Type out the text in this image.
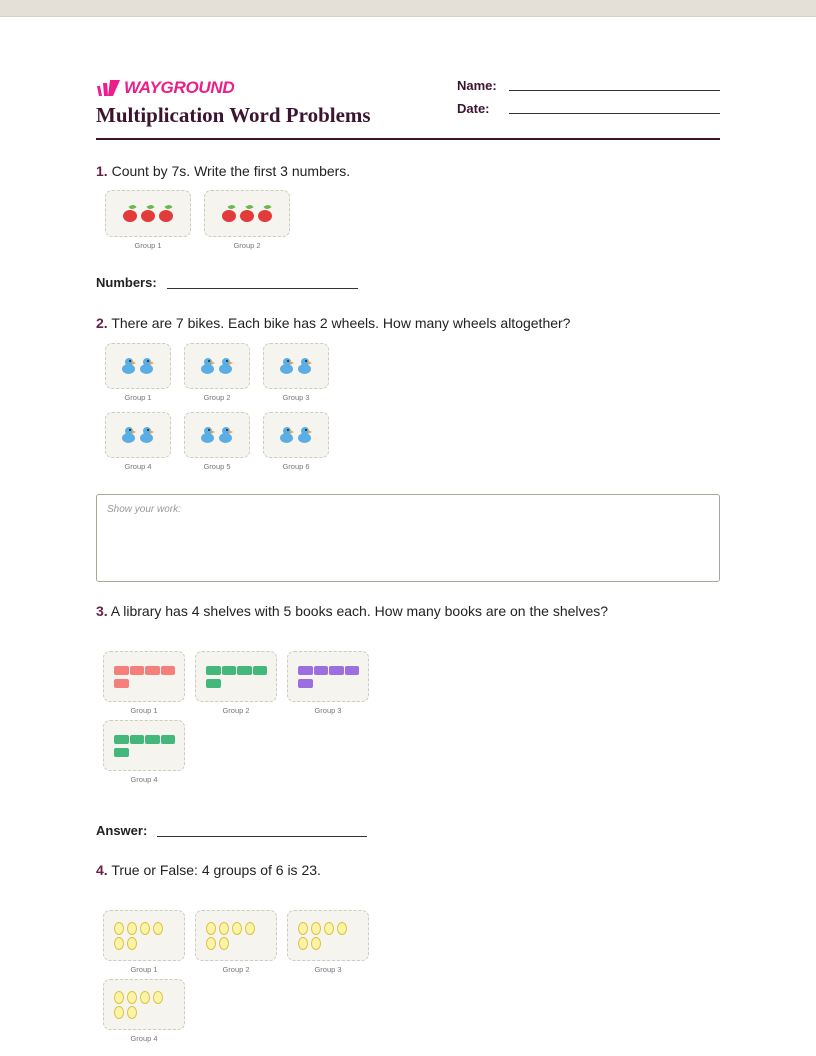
WAYGROUND
Multiplication Word Problems
Name:
Date:
1. Count by 7s. Write the first 3 numbers.
Group 1	Group 2
Numbers:
2. There are 7 bikes. Each bike has 2 wheels. How many wheels altogether?
Group 1	Group 2	Group 3
Group 4	Group 5	Group 6
Show your work:
3. A library has 4 shelves with 5 books each. How many books are on the shelves?
Group 1	Group 2	Group 3
Group 4
Answer:
4. True or False: 4 groups of 6 is 23.
Group 1	Group 2	Group 3
Group 4
